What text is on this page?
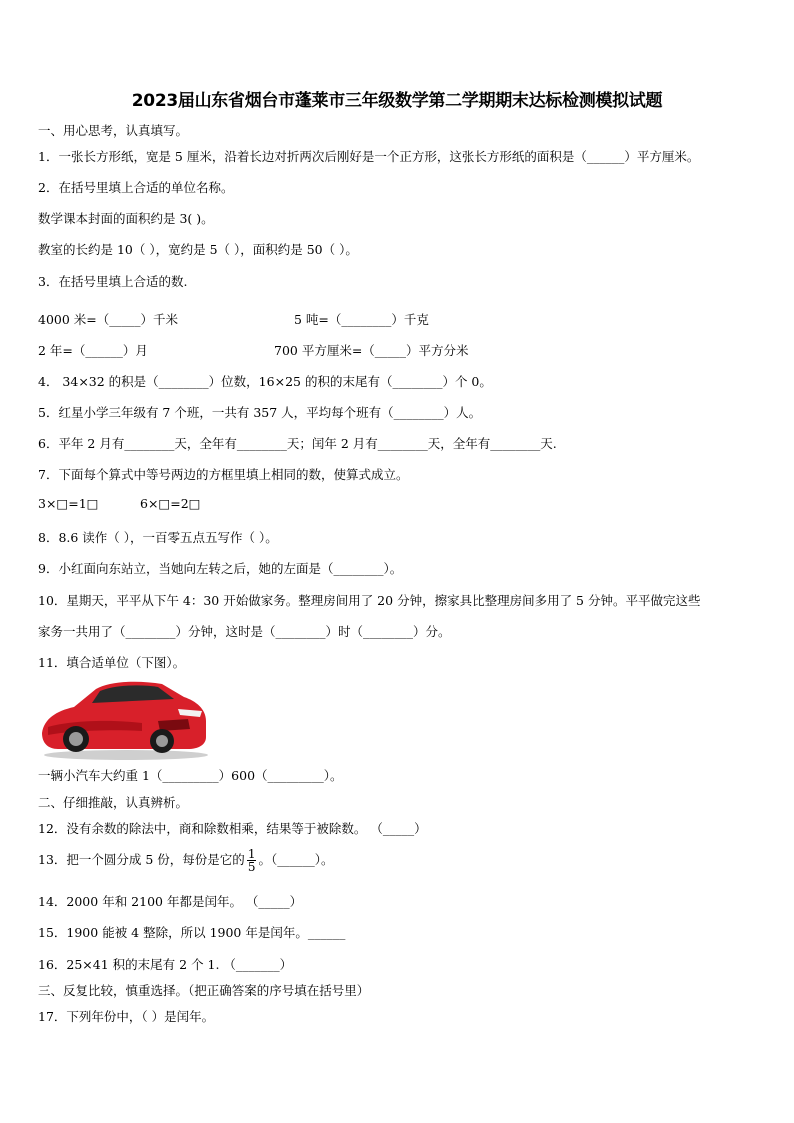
2023届山东省烟台市蓬莱市三年级数学第二学期期末达标检测模拟试题
一、用心思考，认真填写。
1．一张长方形纸，宽是 5 厘米，沿着长边对折两次后刚好是一个正方形，这张长方形纸的面积是（______）平方厘米。
2．在括号里填上合适的单位名称。
数学课本封面的面积约是 3( )。
教室的长约是 10（ ），宽约是 5（ ），面积约是 50（ ）。
3．在括号里填上合适的数.
4000 米=（_____）千米	5 吨=（________）千克
2 年=（______）月	700 平方厘米=（_____）平方分米
4． 34×32 的积是（________）位数，16×25 的积的末尾有（________）个 0。
5．红星小学三年级有 7 个班，一共有 357 人，平均每个班有（________）人。
6．平年 2 月有________天，全年有________天；闰年 2 月有________天，全年有________天.
7．下面每个算式中等号两边的方框里填上相同的数，使算式成立。
3×□=1□	6×□=2□
8．8.6 读作（ ），一百零五点五写作（ ）。
9．小红面向东站立，当她向左转之后，她的左面是（________）。
10．星期天，平平从下午 4：30 开始做家务。整理房间用了 20 分钟，擦家具比整理房间多用了 5 分钟。平平做完这些
家务一共用了（________）分钟，这时是（________）时（________）分。
11．填合适单位（下图）。
一辆小汽车大约重 1（_________）600（_________）。
二、仔细推敲，认真辨析。
12．没有余数的除法中，商和除数相乘，结果等于被除数。 （_____）
13．把一个圆分成 5 份，每份是它的 $\frac{1}{5}$ 。（______）。
14．2000 年和 2100 年都是闰年。 （_____）
15．1900 能被 4 整除，所以 1900 年是闰年。______
16．25×41 积的末尾有 2 个 1. （_______）
三、反复比较，慎重选择。（把正确答案的序号填在括号里）
17．下列年份中，（ ）是闰年。
